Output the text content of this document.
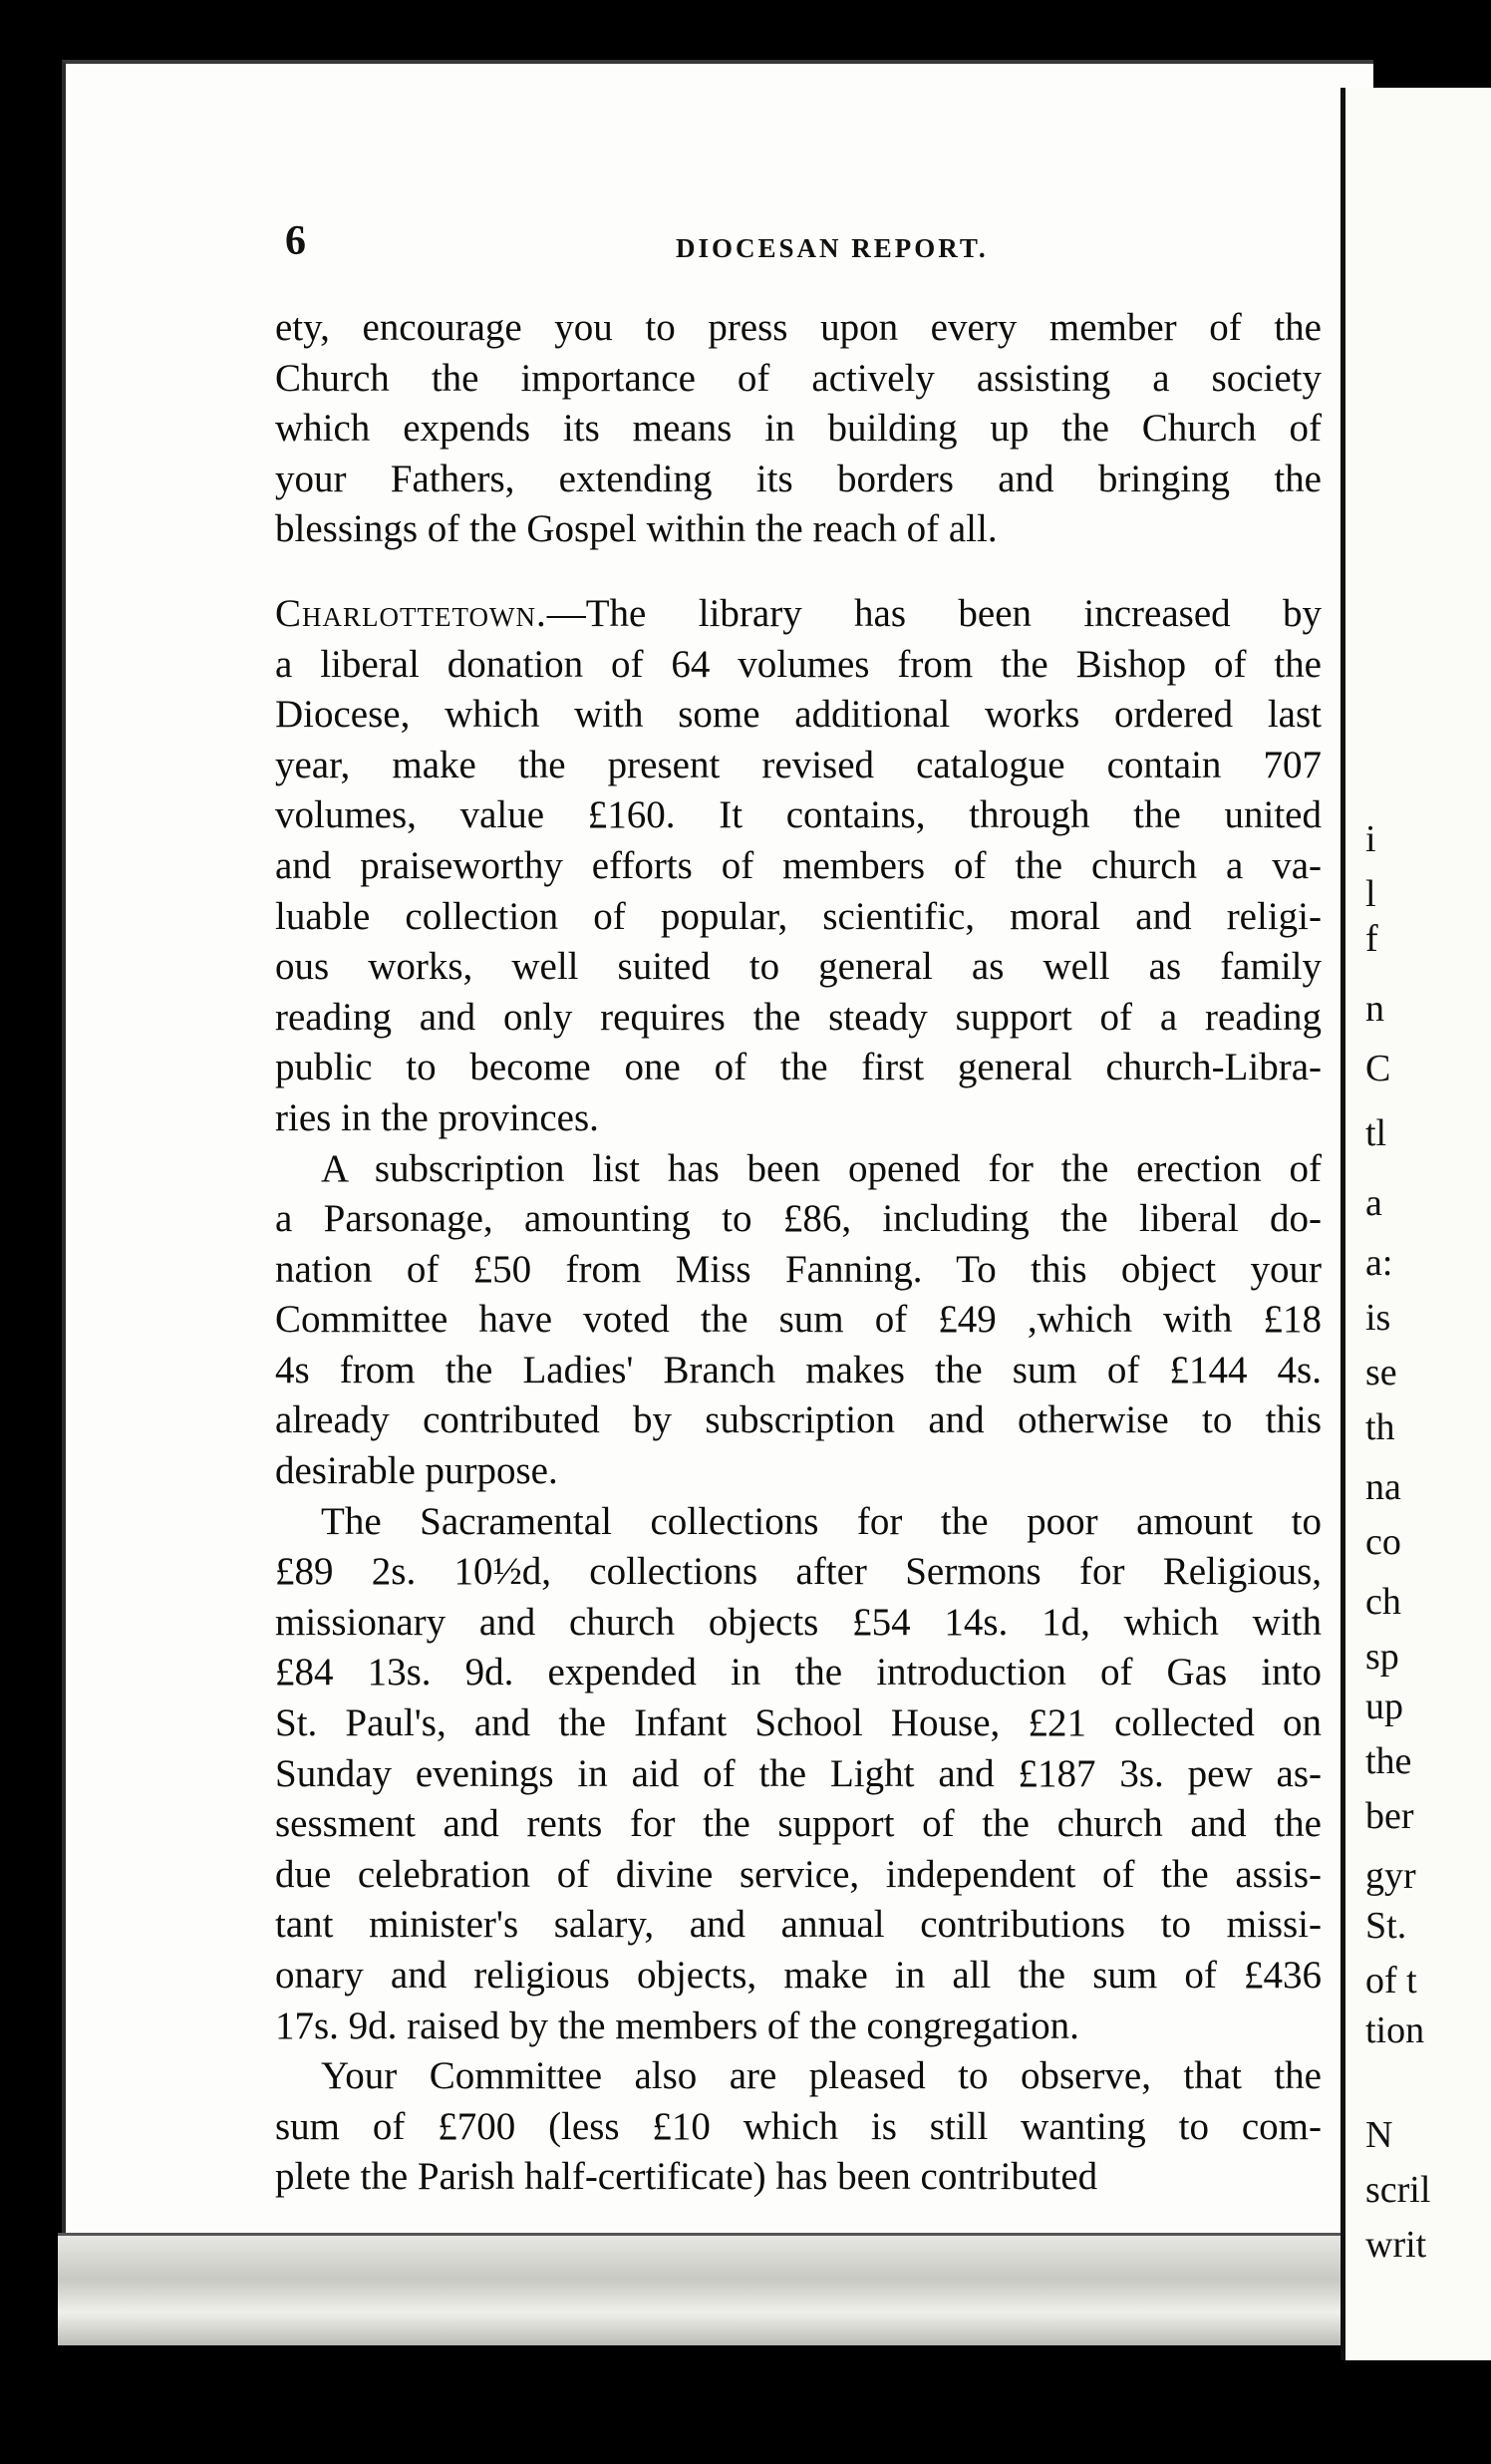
i
l
f
n
C
tl
a
a:
is
se
th
na
co
ch
sp
up
the
ber
gyr
St.
of t
tion
N
scril
writ
6	DIOCESAN REPORT.
ety, encourage you to press upon every member of the
Church the importance of actively assisting a society
which expends its means in building up the Church of
your Fathers, extending its borders and bringing the
blessings of the Gospel within the reach of all.
Charlottetown.—The library has been increased by
a liberal donation of 64 volumes from the Bishop of the
Diocese, which with some additional works ordered last
year, make the present revised catalogue contain 707
volumes, value £160. It contains, through the united
and praiseworthy efforts of members of the church a va-
luable collection of popular, scientific, moral and religi-
ous works, well suited to general as well as family
reading and only requires the steady support of a reading
public to become one of the first general church-Libra-
ries in the provinces.
A subscription list has been opened for the erection of
a Parsonage, amounting to £86, including the liberal do-
nation of £50 from Miss Fanning. To this object your
Committee have voted the sum of £49 ,which with £18
4s from the Ladies' Branch makes the sum of £144 4s.
already contributed by subscription and otherwise to this
desirable purpose.
The Sacramental collections for the poor amount to
£89 2s. 10½d, collections after Sermons for Religious,
missionary and church objects £54 14s. 1d, which with
£84 13s. 9d. expended in the introduction of Gas into
St. Paul's, and the Infant School House, £21 collected on
Sunday evenings in aid of the Light and £187 3s. pew as-
sessment and rents for the support of the church and the
due celebration of divine service, independent of the assis-
tant minister's salary, and annual contributions to missi-
onary and religious objects, make in all the sum of £436
17s. 9d. raised by the members of the congregation.
Your Committee also are pleased to observe, that the
sum of £700 (less £10 which is still wanting to com-
plete the Parish half-certificate) has been contributed
